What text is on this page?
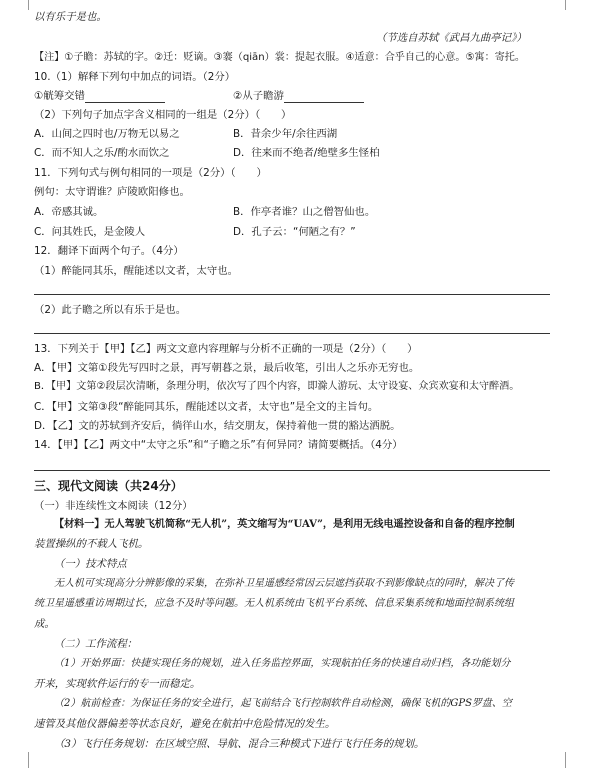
以有乐于是也。
（节选自苏轼《武昌九曲亭记》）
【注】①子瞻：苏轼的字。②迁：贬谪。③褰（qiān）裳：提起衣服。④适意：合乎自己的心意。⑤寓：寄托。
10.（1）解释下列句中加点的词语。（2分）
①觥筹交错	②从子瞻游
（2）下列句子加点字含义相同的一组是（2分）（　　）
A．山间之四时也/万物无以易之	B．昔余少年/余往西湖
C．而不知人之乐/酌水而饮之	D．往来而不绝者/绝壁多生怪柏
11．下列句式与例句相同的一项是（2分）（　　）
例句：太守谓谁？庐陵欧阳修也。
A．帝感其诚。	B．作亭者谁？山之僧智仙也。
C．问其姓氏，是金陵人	D．孔子云：“何陋之有？”
12．翻译下面两个句子。（4分）
（1）醉能同其乐，醒能述以文者，太守也。
（2）此子瞻之所以有乐于是也。
13．下列关于【甲】【乙】两文文意内容理解与分析不正确的一项是（2分）（　　）
A．【甲】文第①段先写四时之景，再写朝暮之景，最后收笔，引出人之乐亦无穷也。
B．【甲】文第②段层次清晰，条理分明，依次写了四个内容，即滁人游玩、太守设宴、众宾欢宴和太守醉酒。
C．【甲】文第③段“醉能同其乐，醒能述以文者，太守也”是全文的主旨句。
D．【乙】文的苏轼到齐安后，徜徉山水，结交朋友，保持着他一贯的豁达洒脱。
14．【甲】【乙】两文中“太守之乐”和“子瞻之乐”有何异同？请简要概括。（4分）
三、现代文阅读（共24分）
（一）非连续性文本阅读（12分）
【材料一】无人驾驶飞机简称“无人机”，英文缩写为“UAV”，是利用无线电遥控设备和自备的程序控制
装置操纵的不载人飞机。
（一）技术特点
无人机可实现高分分辨影像的采集，在弥补卫星遥感经常因云层遮挡获取不到影像缺点的同时，解决了传
统卫星遥感重访周期过长，应急不及时等问题。无人机系统由飞机平台系统、信息采集系统和地面控制系统组
成。
（二）工作流程：
（1）开始界面：快捷实现任务的规划，进入任务监控界面，实现航拍任务的快速自动归档，各功能划分
开来，实现软件运行的专一而稳定。
（2）航前检查：为保证任务的安全进行，起飞前结合飞行控制软件自动检测，确保飞机的GPS罗盘、空
速管及其他仪器偏差等状态良好，避免在航拍中危险情况的发生。
（3）飞行任务规划：在区域空照、导航、混合三种模式下进行飞行任务的规划。
